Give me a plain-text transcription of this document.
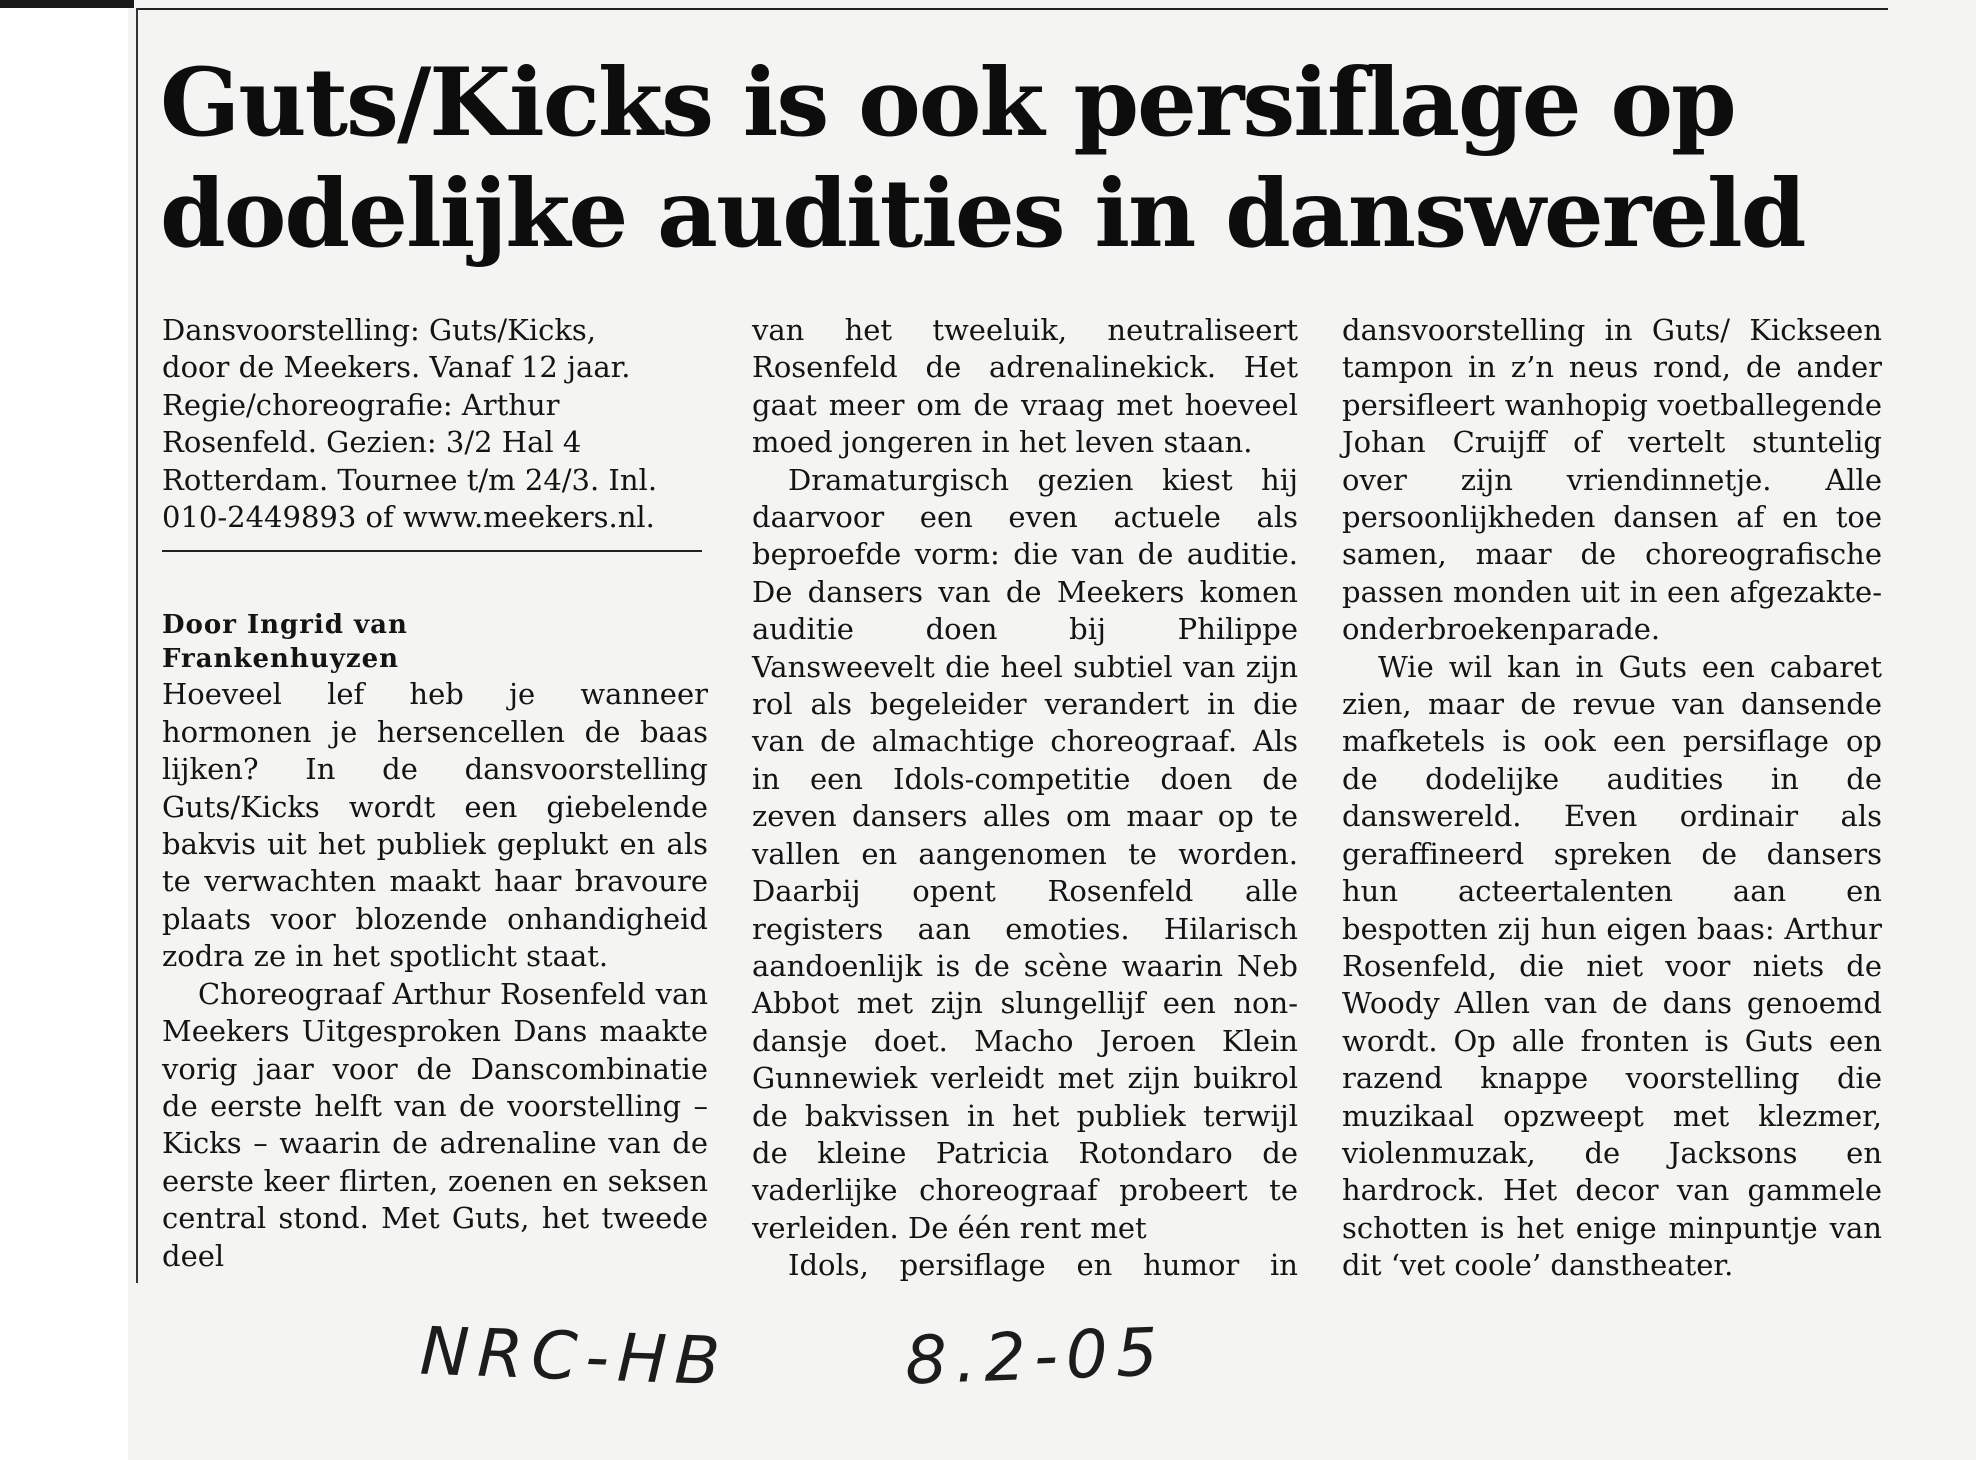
Guts/Kicks is ook persiflage op
dodelijke audities in danswereld
Dansvoorstelling: Guts/Kicks,
door de Meekers. Vanaf 12 jaar.
Regie/choreografie: Arthur
Rosenfeld. Gezien: 3/2 Hal 4
Rotterdam. Tournee t/m 24/3. Inl.
010-2449893 of www.meekers.nl.
Door Ingrid van
Frankenhuyzen

Hoeveel lef heb je wanneer hormonen je hersencellen de baas lijken? In de dansvoorstelling Guts/Kicks wordt een giebelende bakvis uit het publiek geplukt en als te verwachten maakt haar bravoure plaats voor blozende onhandigheid zodra ze in het spotlicht staat.

Choreograaf Arthur Rosenfeld van Meekers Uitgesproken Dans maakte vorig jaar voor de Danscombinatie de eerste helft van de voorstelling – Kicks – waarin de adrenaline van de eerste keer flirten, zoenen en seksen central stond. Met Guts, het tweede deel

van het tweeluik, neutraliseert Rosenfeld de adrenalinekick. Het gaat meer om de vraag met hoeveel moed jongeren in het leven staan.

Dramaturgisch gezien kiest hij daarvoor een even actuele als beproefde vorm: die van de auditie. De dansers van de Meekers komen auditie doen bij Philippe Vansweevelt die heel subtiel van zijn rol als begeleider verandert in die van de almachtige choreograaf. Als in een Idols-competitie doen de zeven dansers alles om maar op te vallen en aangenomen te worden. Daarbij opent Rosenfeld alle registers aan emoties. Hilarisch aandoenlijk is de scène waarin Neb Abbot met zijn slungellijf een non-dansje doet. Macho Jeroen Klein Gunnewiek verleidt met zijn buikrol de bakvissen in het publiek terwijl de kleine Patricia Rotondaro de vaderlijke choreograaf probeert te verleiden. De één rent met

Idols, persiflage en humor in

dansvoorstelling in Guts/ Kickseen tampon in z’n neus rond, de ander persifleert wanhopig voetballegende Johan Cruijff of vertelt stuntelig over zijn vriendinnetje. Alle persoonlijkheden dansen af en toe samen, maar de choreografische passen monden uit in een afgezakte-onderbroekenparade.

Wie wil kan in Guts een cabaret zien, maar de revue van dansende mafketels is ook een persiflage op de dodelijke audities in de danswereld. Even ordinair als geraffineerd spreken de dansers hun acteertalenten aan en bespotten zij hun eigen baas: Arthur Rosenfeld, die niet voor niets de Woody Allen van de dans genoemd wordt. Op alle fronten is Guts een razend knappe voorstelling die muzikaal opzweept met klezmer, violenmuzak, de Jacksons en hardrock. Het decor van gammele schotten is het enige minpuntje van dit ‘vet coole’ danstheater.

NRC-HB	8.2-05
